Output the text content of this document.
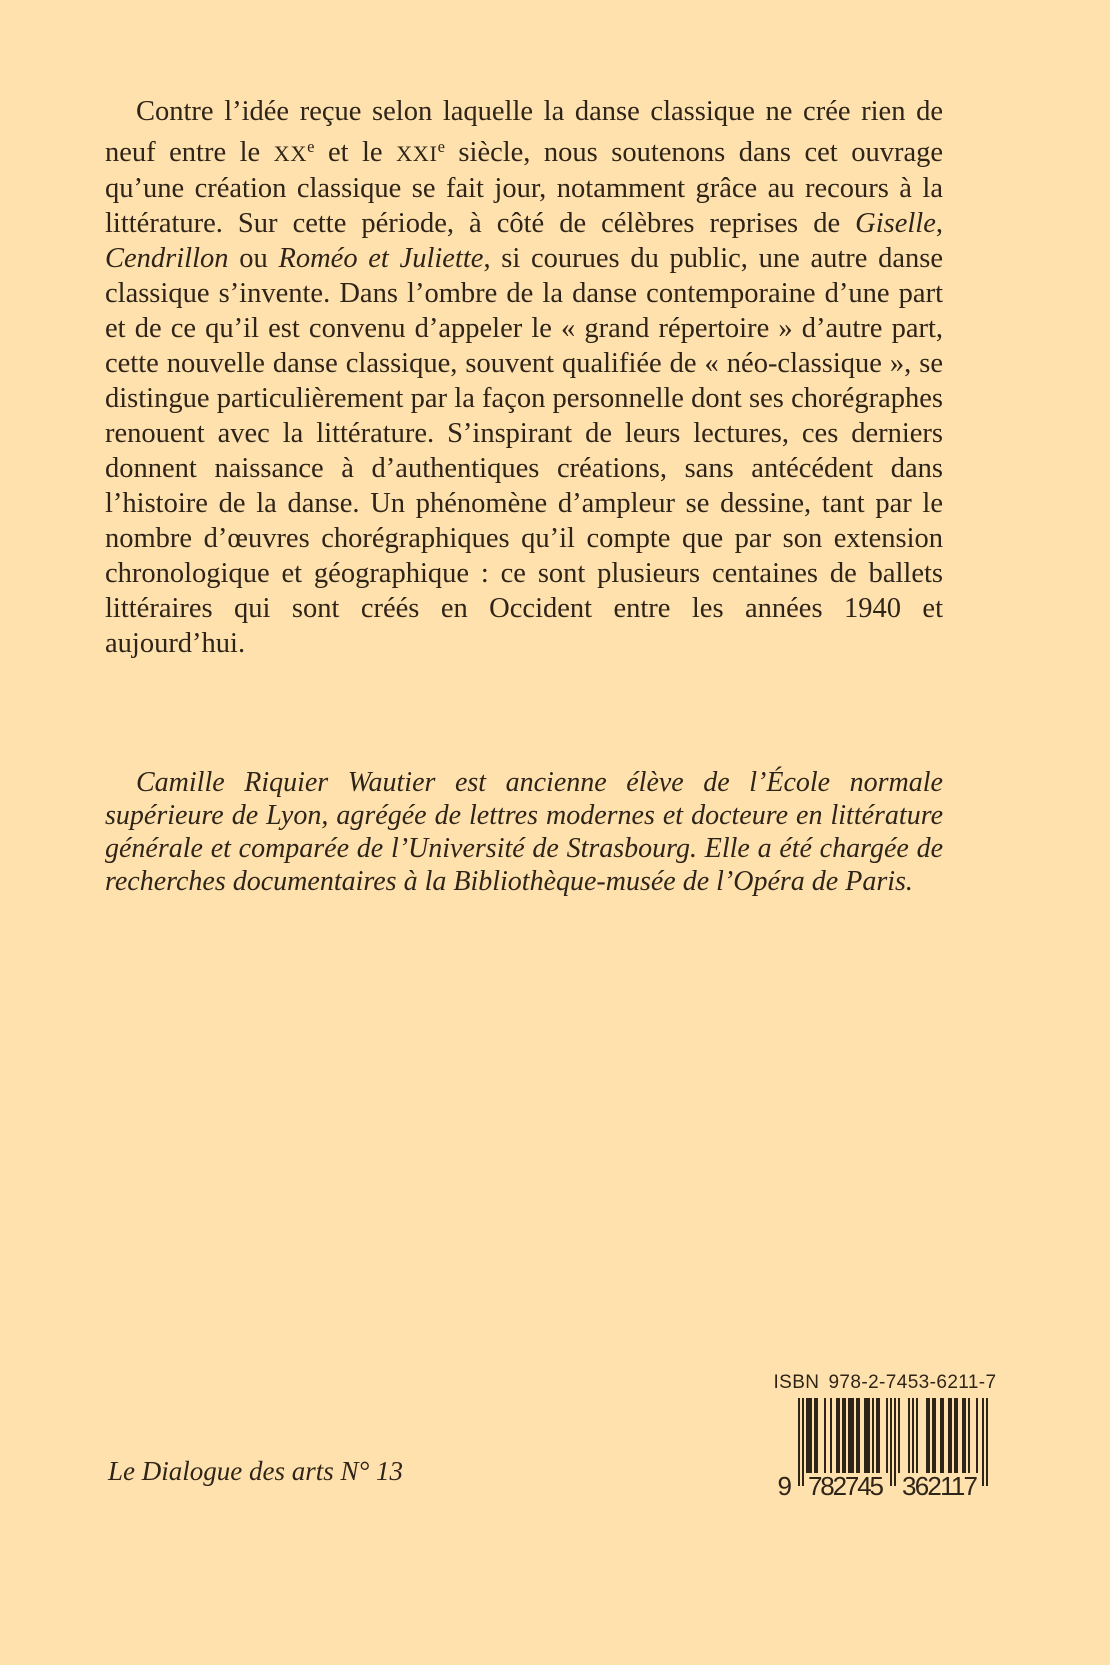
Contre l’idée reçue selon laquelle la danse classique ne crée rien de neuf entre le XXe et le XXIe siècle, nous soutenons dans cet ouvrage qu’une création classique se fait jour, notamment grâce au recours à la littérature. Sur cette période, à côté de célèbres reprises de Giselle, Cendrillon ou Roméo et Juliette, si courues du public, une autre danse classique s’invente. Dans l’ombre de la danse contemporaine d’une part et de ce qu’il est convenu d’appeler le « grand répertoire » d’autre part, cette nouvelle danse classique, souvent qualifiée de « néo-classique », se distingue particulièrement par la façon personnelle dont ses chorégraphes renouent avec la littérature. S’inspirant de leurs lectures, ces derniers donnent naissance à d’authentiques créations, sans antécédent dans l’histoire de la danse. Un phénomène d’ampleur se dessine, tant par le nombre d’œuvres chorégraphiques qu’il compte que par son extension chronologique et géographique : ce sont plusieurs centaines de ballets littéraires qui sont créés en Occident entre les années 1940 et aujourd’hui.

Camille Riquier Wautier est ancienne élève de l’École normale supérieure de Lyon, agrégée de lettres modernes et docteure en littérature générale et comparée de l’Université de Strasbourg. Elle a été chargée de recherches documentaires à la Bibliothèque-musée de l’Opéra de Paris.

Le Dialogue des arts N° 13
ISBN 978-2-7453-6211-7
9 782745 362117
